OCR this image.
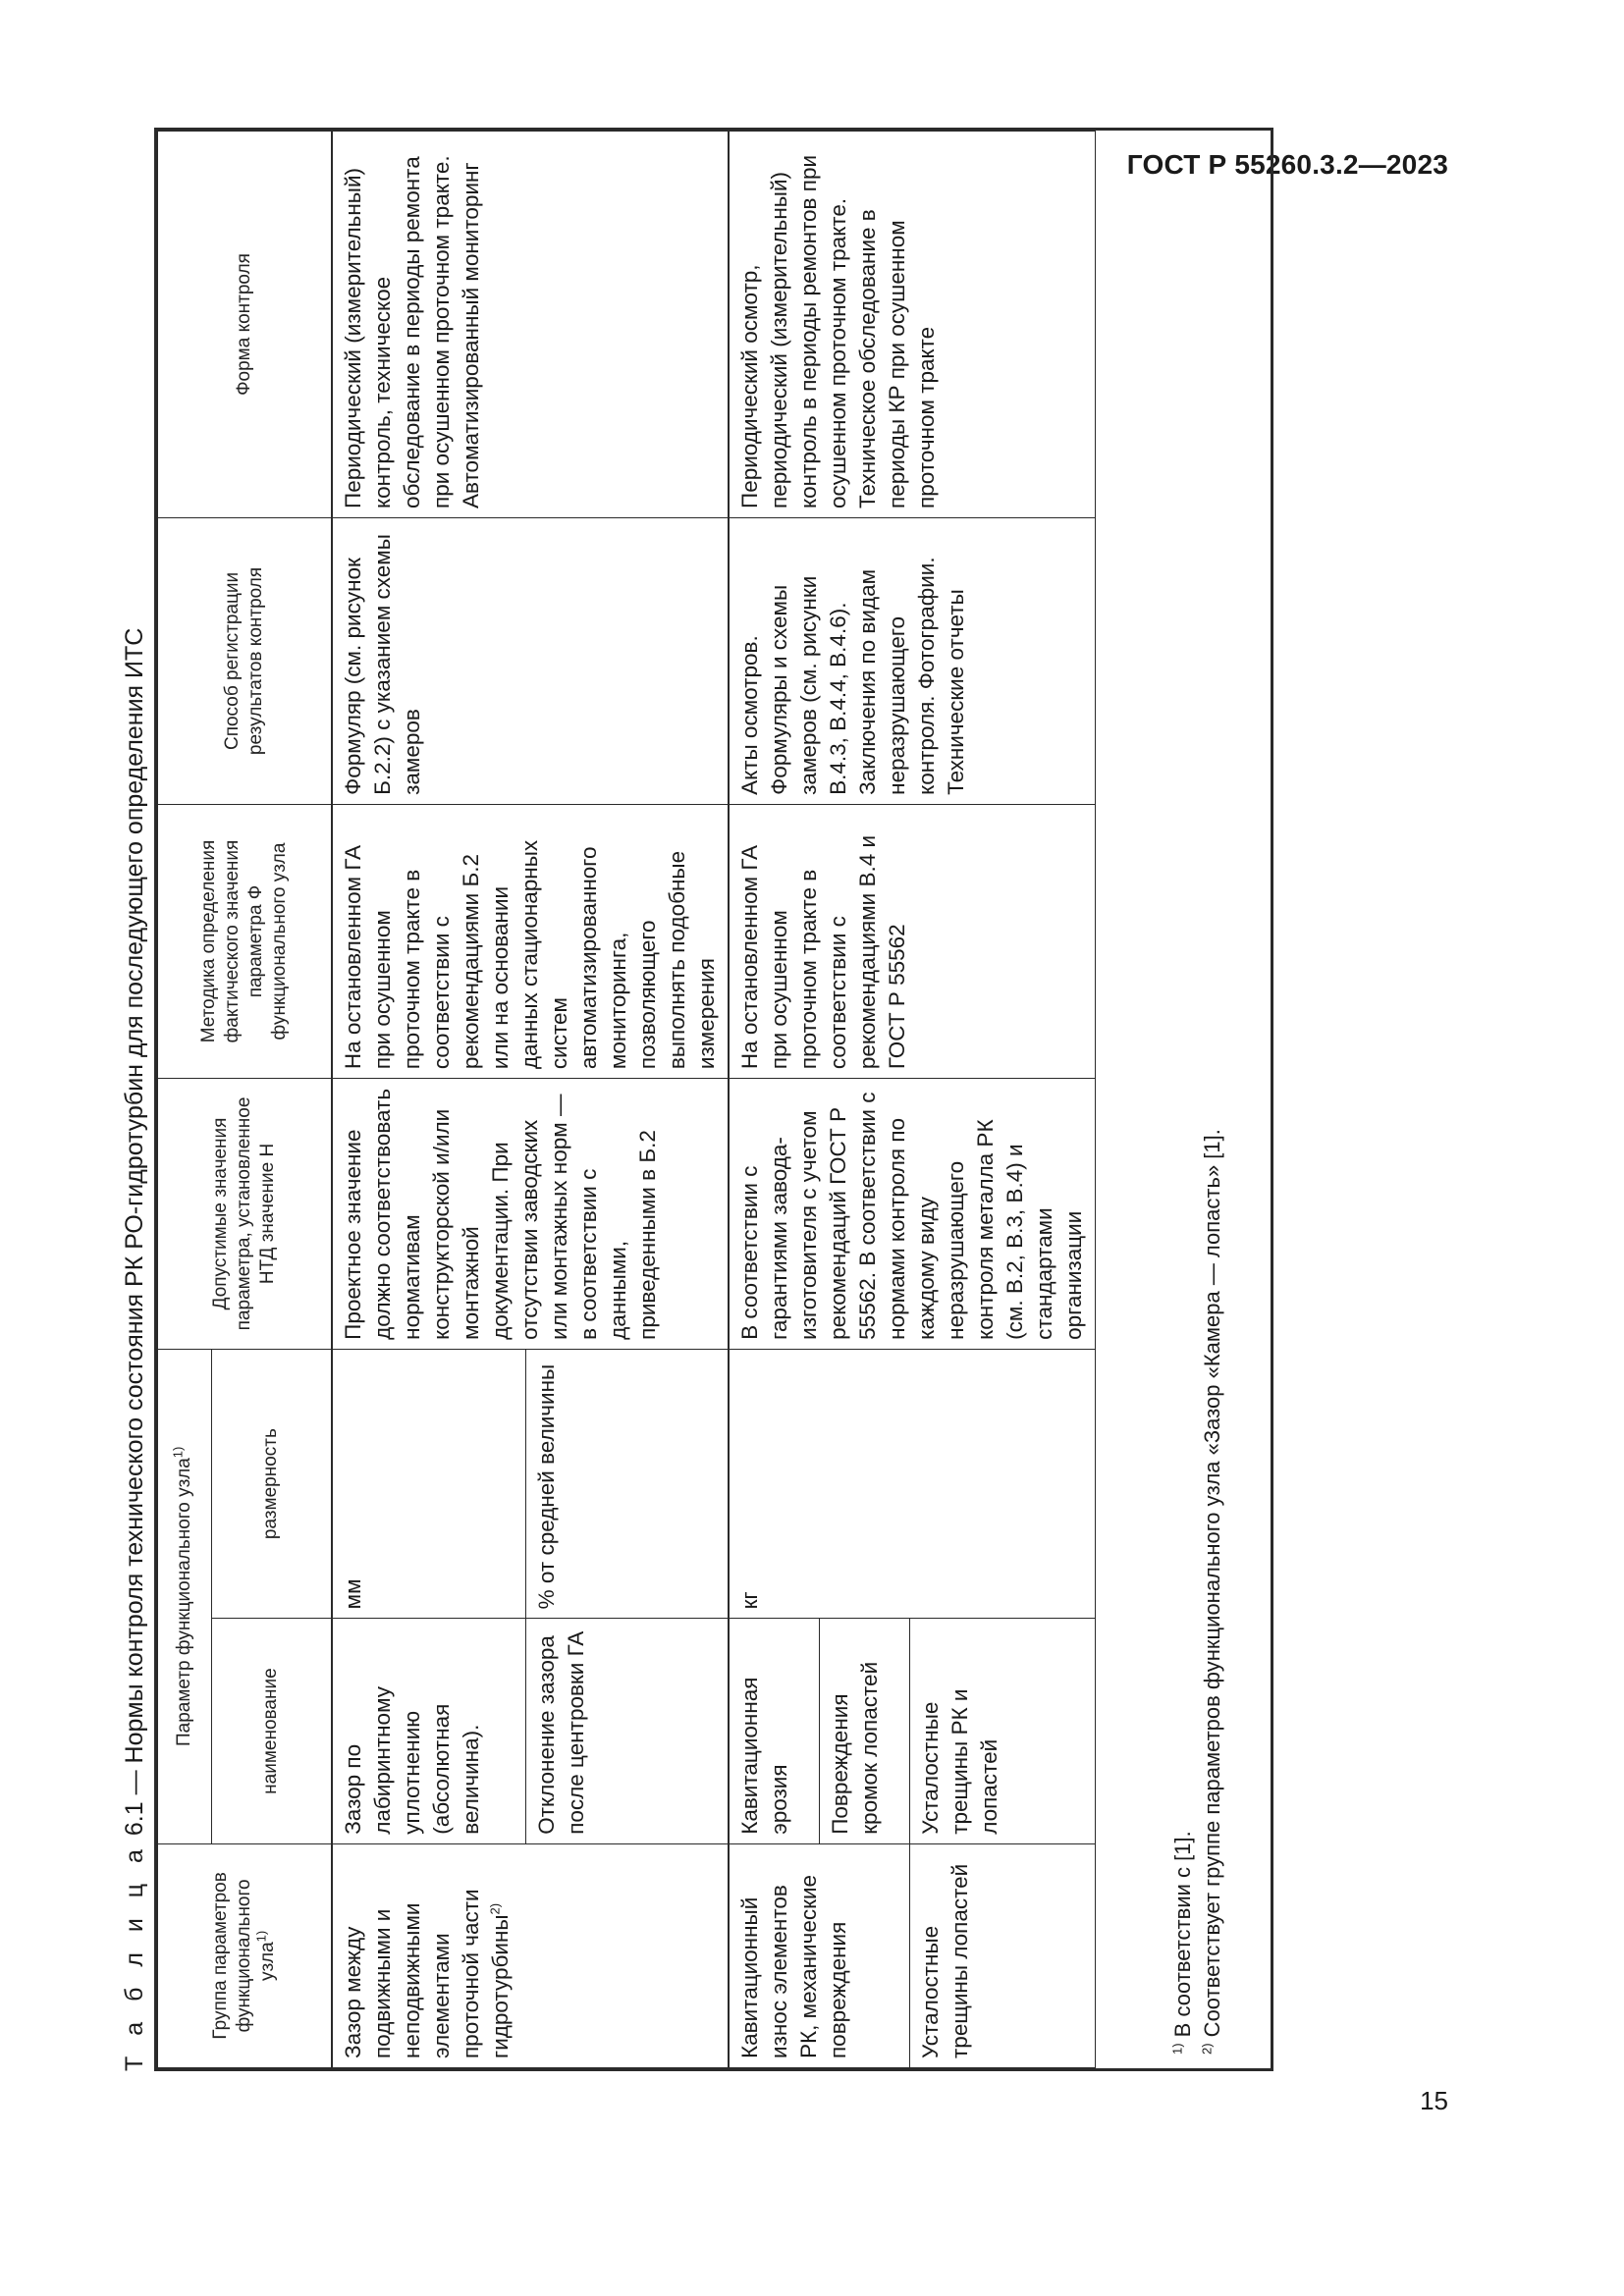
ГОСТ Р 55260.3.2—2023
Т а б л и ц а 6.1 — Нормы контроля технического состояния РК РО-гидротурбин для последующего определения ИТС
Группа параметров функционального узла$^{1)}$	Параметр функционального узла$^{1)}$		Допустимые значения параметра, установленное НТД значение Н	Методика определения фактического значения параметра Ф функционального узла	Способ регистрации результатов контроля	Форма контроля
	наименование	размерность				
Зазор между подвижными и неподвижными элементами проточной части гидротурбины$^{2)}$	Зазор по лабиринтному уплотнению (абсолютная величина).	мм	Проектное значение должно соответствовать нормативам конструкторской и/или монтажной документации. При отсутствии заводских или монтажных норм — в соответствии с данными, приведенными в Б.2	На остановленном ГА при осушенном проточном тракте в соответствии с рекомендациями Б.2 или на основании данных стационарных систем автоматизированного мониторинга, позволяющего выполнять подобные измерения	Формуляр (см. рисунок Б.2.2) с указанием схемы замеров	Периодический (измерительный) контроль, техническое обследование в периоды ремонта при осушенном проточном тракте. Автоматизированный мониторинг
	Отклонение зазора после центровки ГА	% от средней величины				
Кавитационный износ элементов РК, механические повреждения	Кавитационная эрозия	кг	В соответствии с гарантиями завода-изготовителя с учетом рекомендаций ГОСТ Р 55562. В соответствии с нормами контроля по каждому виду неразрушающего контроля металла РК (см. В.2, В.3, В.4) и стандартами организации	На остановленном ГА при осушенном проточном тракте в соответствии с рекомендациями В.4 и ГОСТ Р 55562	Акты осмотров. Формуляры и схемы замеров (см. рисунки В.4.3, В.4.4, В.4.6). Заключения по видам неразрушающего контроля. Фотографии. Технические отчеты	Периодический осмотр, периодический (измерительный) контроль в периоды ремонтов при осушенном проточном тракте. Техническое обследование в периоды КР при осушенном проточном тракте
	Повреждения кромок лопастей					
Усталостные трещины лопастей	Усталостные трещины РК и лопастей					
$^{1)}$ В соответствии с [1].
$^{2)}$ Соответствует группе параметров функционального узла «Зазор «Камера — лопасть» [1].
15
